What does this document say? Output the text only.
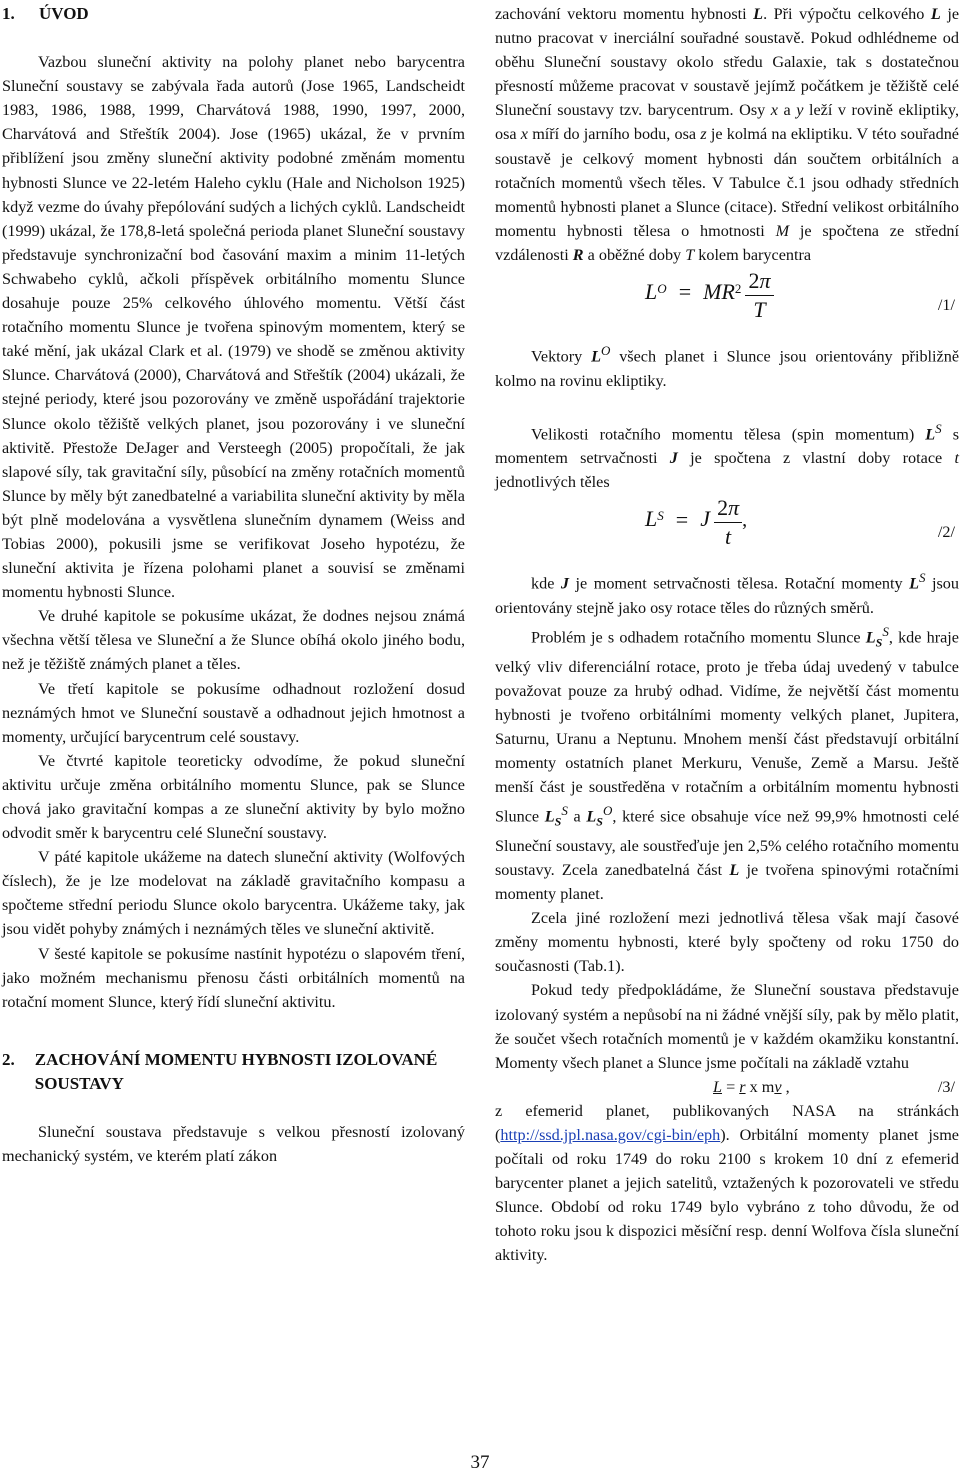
1. ÚVOD

Vazbou sluneční aktivity na polohy planet nebo barycentra Sluneční soustavy se zabývala řada autorů (Jose 1965, Landscheidt 1983, 1986, 1988, 1999, Charvátová 1988, 1990, 1997, 2000, Charvátová and Střeštík 2004). Jose (1965) ukázal, že v prvním přiblížení jsou změny sluneční aktivity podobné změnám momentu hybnosti Slunce ve 22-letém Haleho cyklu (Hale and Nicholson 1925) když vezme do úvahy přepólování sudých a lichých cyklů. Landscheidt (1999) ukázal, že 178,8-letá společná perioda planet Sluneční soustavy představuje synchronizační bod časování maxim a minim 11-letých Schwabeho cyklů, ačkoli příspěvek orbitálního momentu Slunce dosahuje pouze 25% celkového úhlového momentu. Větší část rotačního momentu Slunce je tvořena spinovým momentem, který se také mění, jak ukázal Clark et al. (1979) ve shodě se změnou aktivity Slunce. Charvátová (2000), Charvátová and Střeštík (2004) ukázali, že stejné periody, které jsou pozorovány ve změně uspořádání trajektorie Slunce okolo těžiště velkých planet, jsou pozorovány i ve sluneční aktivitě. Přestože DeJager and Versteegh (2005) propočítali, že jak slapové síly, tak gravitační síly, působící na změny rotačních momentů Slunce by měly být zanedbatelné a variabilita sluneční aktivity by měla být plně modelována a vysvětlena slunečním dynamem (Weiss and Tobias 2000), pokusili jsme se verifikovat Joseho hypotézu, že sluneční aktivita je řízena polohami planet a souvisí se změnami momentu hybnosti Slunce.

Ve druhé kapitole se pokusíme ukázat, že dodnes nejsou známá všechna větší tělesa ve Sluneční a že Slunce obíhá okolo jiného bodu, než je těžiště známých planet a těles.

Ve třetí kapitole se pokusíme odhadnout rozložení dosud neznámých hmot ve Sluneční soustavě a odhadnout jejich hmotnost a momenty, určující barycentrum celé soustavy.

Ve čtvrté kapitole teoreticky odvodíme, že pokud sluneční aktivitu určuje změna orbitálního momentu Slunce, pak se Slunce chová jako gravitační kompas a ze sluneční aktivity by bylo možno odvodit směr k barycentru celé Sluneční soustavy.

V páté kapitole ukážeme na datech sluneční aktivity (Wolfových číslech), že je lze modelovat na základě gravitačního kompasu a spočteme střední periodu Slunce okolo barycentra. Ukážeme taky, jak jsou vidět pohyby známých i neznámých těles ve sluneční aktivitě.

V šesté kapitole se pokusíme nastínit hypotézu o slapovém tření, jako možném mechanismu přenosu části orbitálních momentů na rotační moment Slunce, který řídí sluneční aktivitu.

2. ZACHOVÁNÍ MOMENTU HYBNOSTI IZOLOVANÉ SOUSTAVY

Sluneční soustava představuje s velkou přesností izolovaný mechanický systém, ve kterém platí zákon

zachování vektoru momentu hybnosti L. Při výpočtu celkového L je nutno pracovat v inerciální souřadné soustavě. Pokud odhlédneme od oběhu Sluneční soustavy okolo středu Galaxie, tak s dostatečnou přesností můžeme pracovat v soustavě jejímž počátkem je těžiště celé Sluneční soustavy tzv. barycentrum. Osy x a y leží v rovině ekliptiky, osa x míří do jarního bodu, osa z je kolmá na ekliptiku. V této souřadné soustavě je celkový moment hybnosti dán součtem orbitálních a rotačních momentů všech těles. V Tabulce č.1 jsou odhady středních momentů hybnosti planet a Slunce (citace). Střední velikost orbitálního momentu hybnosti tělesa o hmotnosti M je spočtena ze střední vzdálenosti R a oběžné doby T kolem barycentra

$L^O = MR^2 \frac{2\pi}{T}$	/1/

Vektory $L^O$ všech planet i Slunce jsou orientovány přibližně kolmo na rovinu ekliptiky.

Velikosti rotačního momentu tělesa (spin momentum) $L^S$ s momentem setrvačnosti J je spočtena z vlastní doby rotace t jednotlivých těles

$L^S = J \frac{2\pi}{t}$ ,
/2/

kde J je moment setrvačnosti tělesa. Rotační momenty $L^S$ jsou orientovány stejně jako osy rotace těles do různých směrů.

Problém je s odhadem rotačního momentu Slunce $L_S^S$, kde hraje velký vliv diferenciální rotace, proto je třeba údaj uvedený v tabulce považovat pouze za hrubý odhad. Vidíme, že největší část momentu hybnosti je tvořeno orbitálními momenty velkých planet, Jupitera, Saturnu, Uranu a Neptunu. Mnohem menší část představují orbitální momenty ostatních planet Merkuru, Venuše, Země a Marsu. Ještě menší část je soustředěna v rotačním a orbitálním momentu hybnosti Slunce $L_S^S$ a $L_S^O$, které sice obsahuje více než 99,9% hmotnosti celé Sluneční soustavy, ale soustřeďuje jen 2,5% celého rotačního momentu soustavy. Zcela zanedbatelná část L je tvořena spinovými rotačními momenty planet.

Zcela jiné rozložení mezi jednotlivá tělesa však mají časové změny momentu hybnosti, které byly spočteny od roku 1750 do současnosti (Tab.1).

Pokud tedy předpokládáme, že Sluneční soustava představuje izolovaný systém a nepůsobí na ni žádné vnější síly, pak by mělo platit, že součet všech rotačních momentů je v každém okamžiku konstantní. Momenty všech planet a Slunce jsme počítali na základě vztahu

L = r x mv ,	/3/

z efemerid planet, publikovaných NASA na stránkách (http://ssd.jpl.nasa.gov/cgi-bin/eph). Orbitální momenty planet jsme počítali od roku 1749 do roku 2100 s krokem 10 dní z efemerid barycenter planet a jejich satelitů, vztažených k pozorovateli ve středu Slunce. Období od roku 1749 bylo vybráno z toho důvodu, že od tohoto roku jsou k dispozici měsíční resp. denní Wolfova čísla sluneční aktivity.

37
